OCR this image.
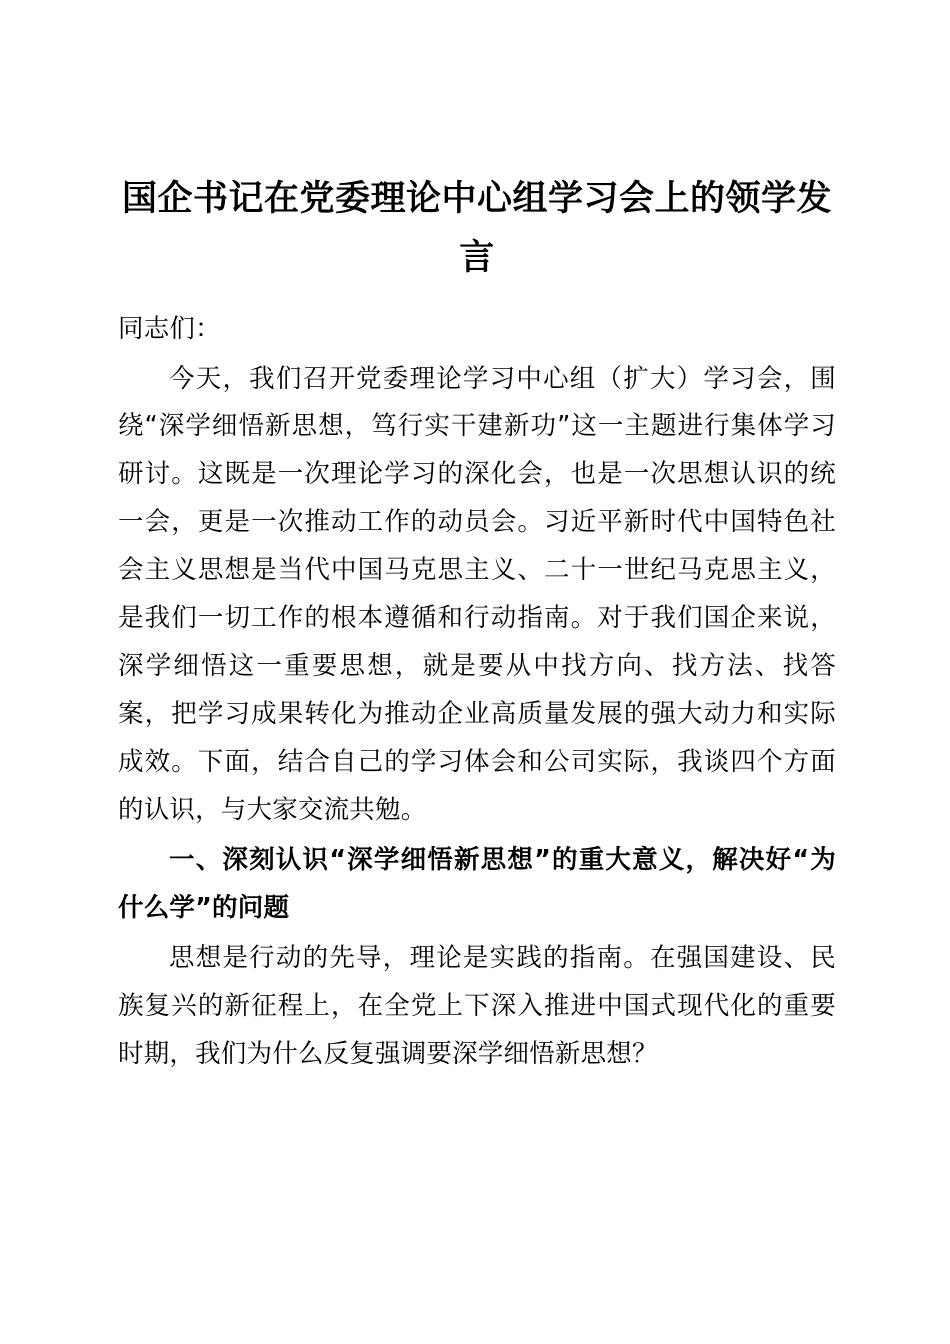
国企书记在党委理论中心组学习会上的领学发言

同志们：

今天，我们召开党委理论学习中心组（扩大）学习会，围绕“深学细悟新思想，笃行实干建新功”这一主题进行集体学习研讨。这既是一次理论学习的深化会，也是一次思想认识的统一会，更是一次推动工作的动员会。习近平新时代中国特色社会主义思想是当代中国马克思主义、二十一世纪马克思主义，是我们一切工作的根本遵循和行动指南。对于我们国企来说，深学细悟这一重要思想，就是要从中找方向、找方法、找答案，把学习成果转化为推动企业高质量发展的强大动力和实际成效。下面，结合自己的学习体会和公司实际，我谈四个方面的认识，与大家交流共勉。

一、深刻认识“深学细悟新思想”的重大意义，解决好“为什么学”的问题

思想是行动的先导，理论是实践的指南。在强国建设、民族复兴的新征程上，在全党上下深入推进中国式现代化的重要时期，我们为什么反复强调要深学细悟新思想？
